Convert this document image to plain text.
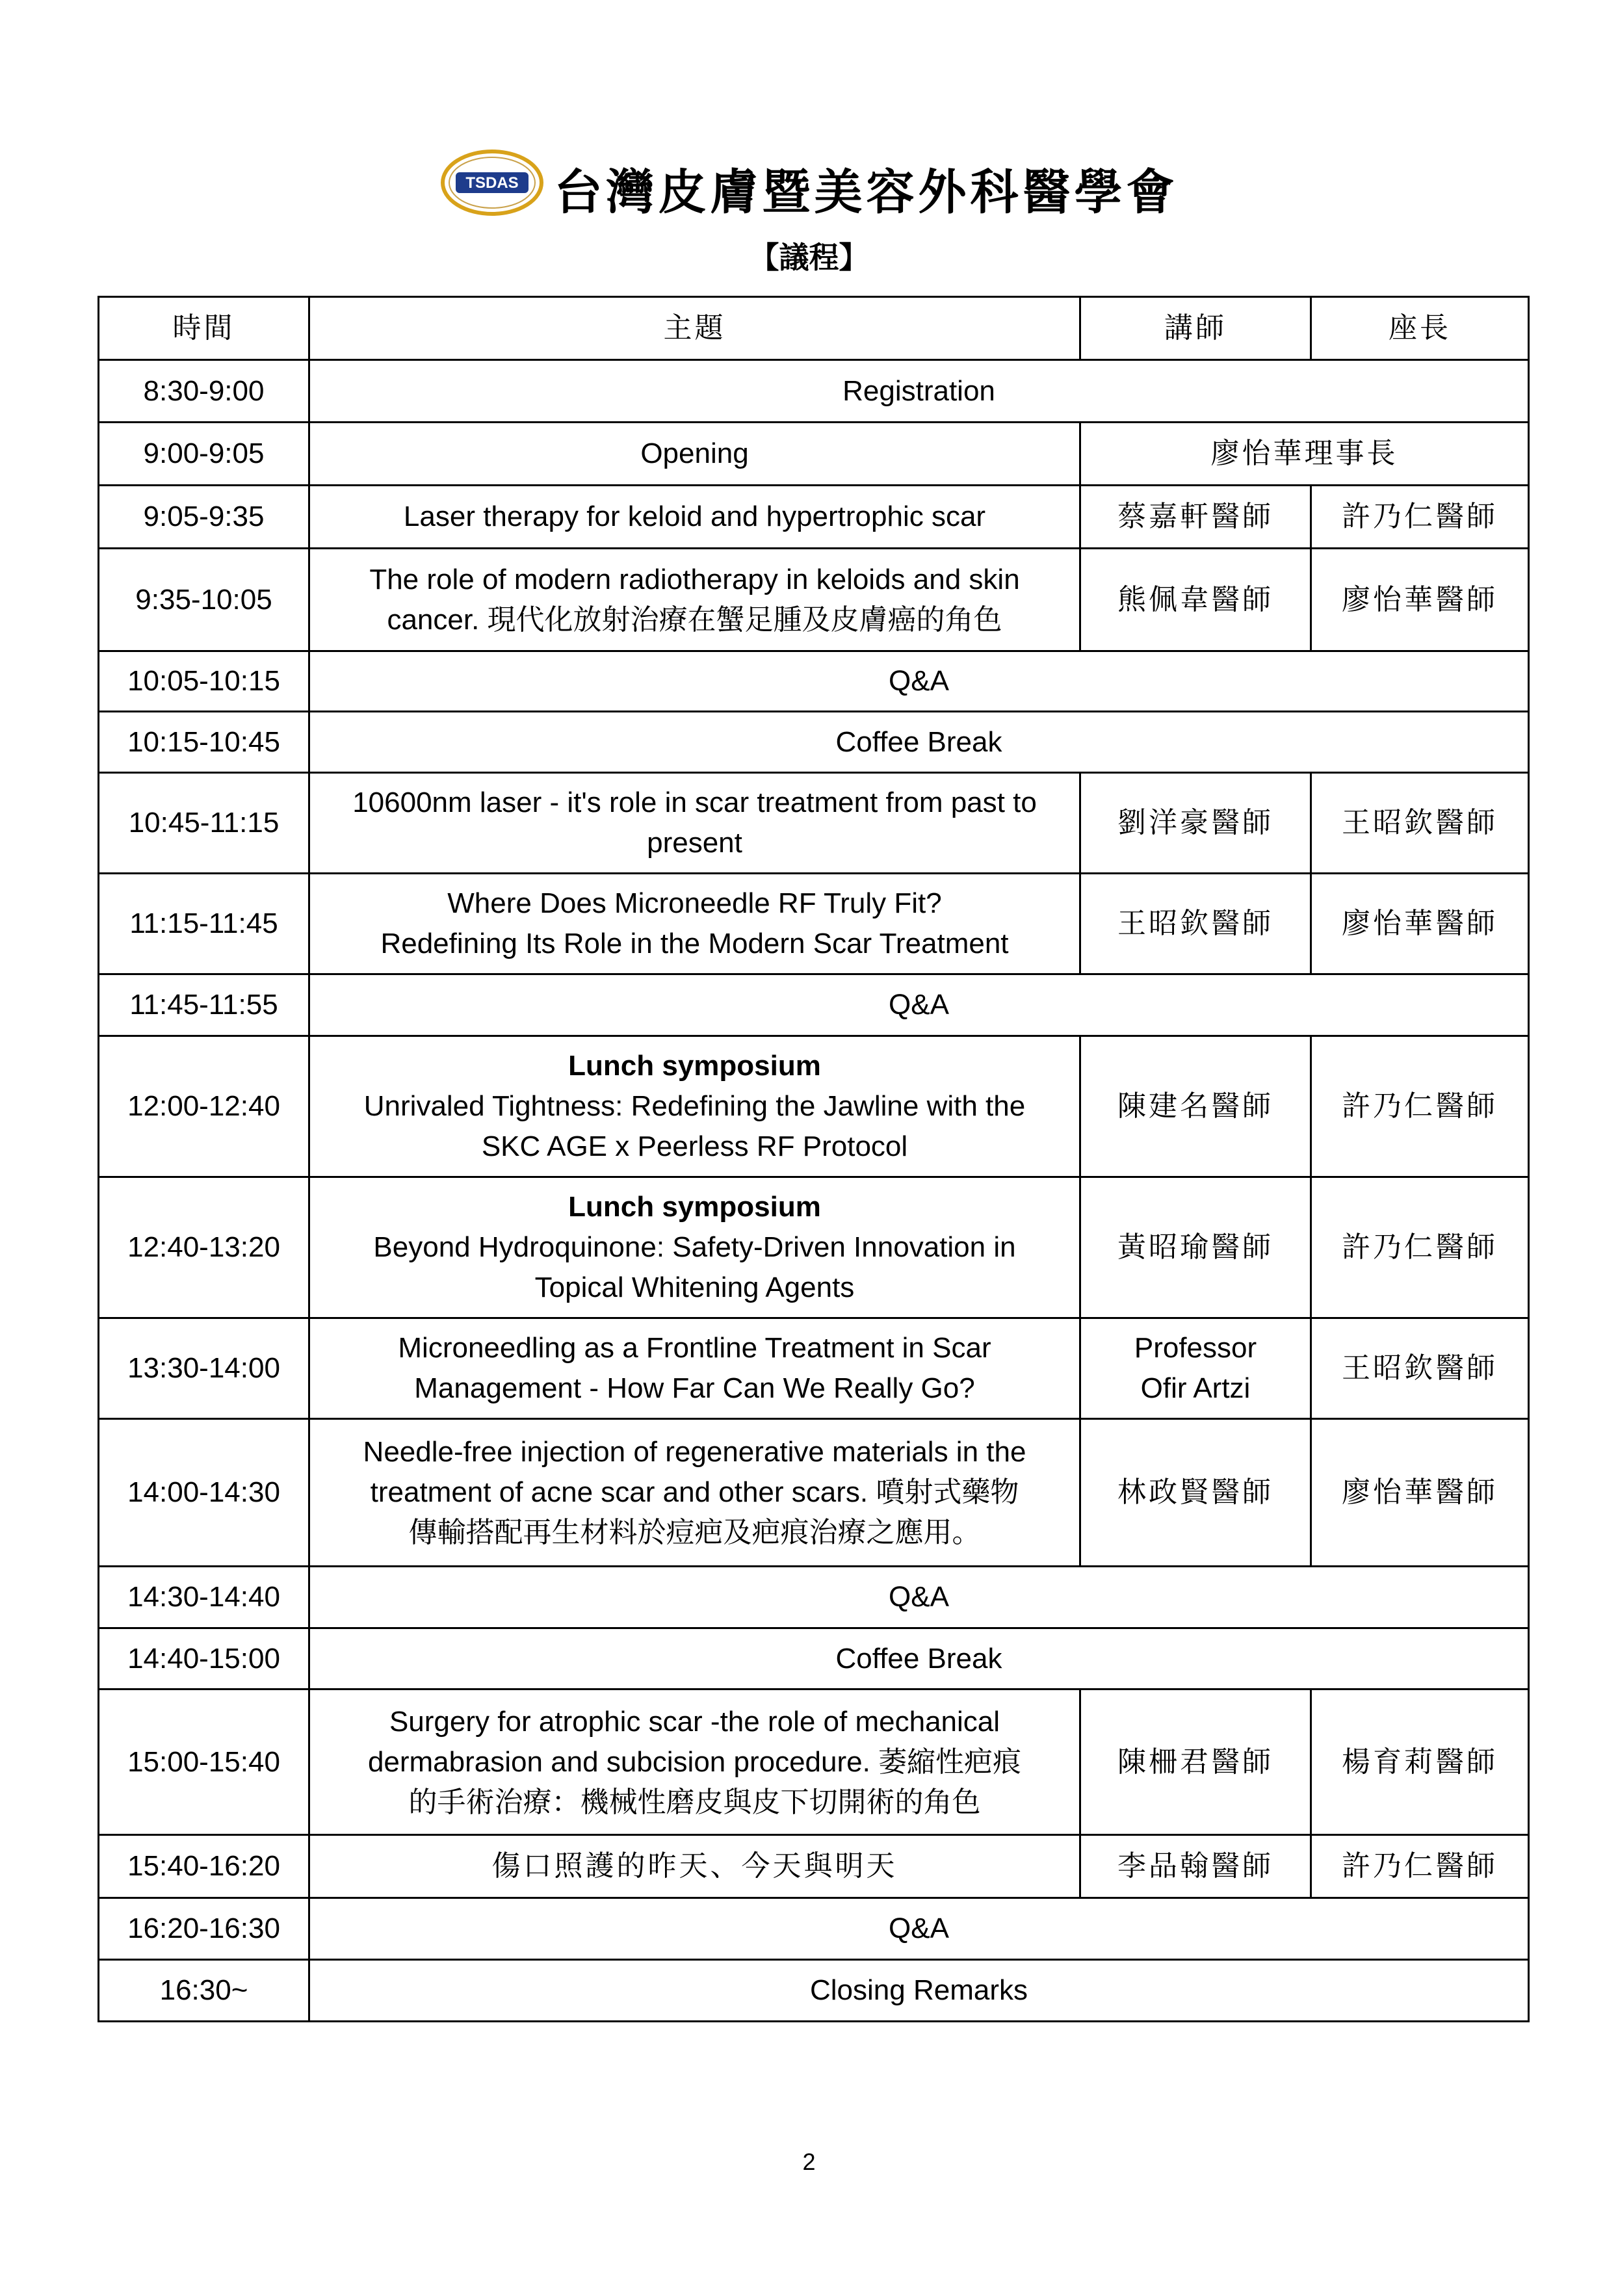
TSDAS 台灣皮膚暨美容外科醫學會
【議程】
時間	主題	講師	座長
8:30-9:00	Registration		

9:00-9:05	Opening	廖怡華理事長	
9:05-9:35	Laser therapy for keloid and hypertrophic scar	蔡嘉軒醫師	許乃仁醫師
9:35-10:05	The role of modern radiotherapy in keloids and skin
cancer. 現代化放射治療在蟹足腫及皮膚癌的角色	熊佩韋醫師	廖怡華醫師
10:05-10:15	Q&A		

10:15-10:45	Coffee Break		

10:45-11:15	10600nm laser - it's role in scar treatment from past to
present	劉洋豪醫師	王昭欽醫師
11:15-11:45	Where Does Microneedle RF Truly Fit?
Redefining Its Role in the Modern Scar Treatment	王昭欽醫師	廖怡華醫師
11:45-11:55	Q&A		

12:00-12:40	Lunch symposium
Unrivaled Tightness: Redefining the Jawline with the
SKC AGE x Peerless RF Protocol	陳建名醫師	許乃仁醫師
12:40-13:20	Lunch symposium
Beyond Hydroquinone: Safety-Driven Innovation in
Topical Whitening Agents	黃昭瑜醫師	許乃仁醫師
13:30-14:00	Microneedling as a Frontline Treatment in Scar
Management - How Far Can We Really Go?	Professor
Ofir Artzi	王昭欽醫師
14:00-14:30	Needle-free injection of regenerative materials in the
treatment of acne scar and other scars. 噴射式藥物
傳輸搭配再生材料於痘疤及疤痕治療之應用。	林政賢醫師	廖怡華醫師
14:30-14:40	Q&A		

14:40-15:00	Coffee Break		

15:00-15:40	Surgery for atrophic scar -the role of mechanical
dermabrasion and subcision procedure. 萎縮性疤痕
的手術治療：機械性磨皮與皮下切開術的角色	陳柵君醫師	楊育莉醫師
15:40-16:20	傷口照護的昨天、今天與明天	李品翰醫師	許乃仁醫師
16:20-16:30	Q&A		

16:30~	Closing Remarks		
2
